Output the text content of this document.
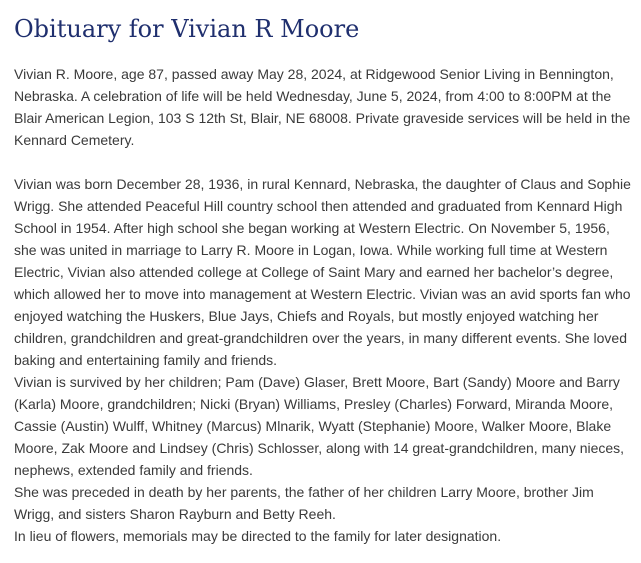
Obituary for Vivian R Moore

Vivian R. Moore, age 87, passed away May 28, 2024, at Ridgewood Senior Living in Bennington, Nebraska. A celebration of life will be held Wednesday, June 5, 2024, from 4:00 to 8:00PM at the Blair American Legion, 103 S 12th St, Blair, NE 68008. Private graveside services will be held in the Kennard Cemetery.

Vivian was born December 28, 1936, in rural Kennard, Nebraska, the daughter of Claus and Sophie Wrigg. She attended Peaceful Hill country school then attended and graduated from Kennard High School in 1954. After high school she began working at Western Electric. On November 5, 1956, she was united in marriage to Larry R. Moore in Logan, Iowa. While working full time at Western Electric, Vivian also attended college at College of Saint Mary and earned her bachelor’s degree, which allowed her to move into management at Western Electric. Vivian was an avid sports fan who enjoyed watching the Huskers, Blue Jays, Chiefs and Royals, but mostly enjoyed watching her children, grandchildren and great-grandchildren over the years, in many different events. She loved baking and entertaining family and friends.

Vivian is survived by her children; Pam (Dave) Glaser, Brett Moore, Bart (Sandy) Moore and Barry (Karla) Moore, grandchildren; Nicki (Bryan) Williams, Presley (Charles) Forward, Miranda Moore, Cassie (Austin) Wulff, Whitney (Marcus) Mlnarik, Wyatt (Stephanie) Moore, Walker Moore, Blake Moore, Zak Moore and Lindsey (Chris) Schlosser, along with 14 great-grandchildren, many nieces, nephews, extended family and friends.

She was preceded in death by her parents, the father of her children Larry Moore, brother Jim Wrigg, and sisters Sharon Rayburn and Betty Reeh.

In lieu of flowers, memorials may be directed to the family for later designation.
